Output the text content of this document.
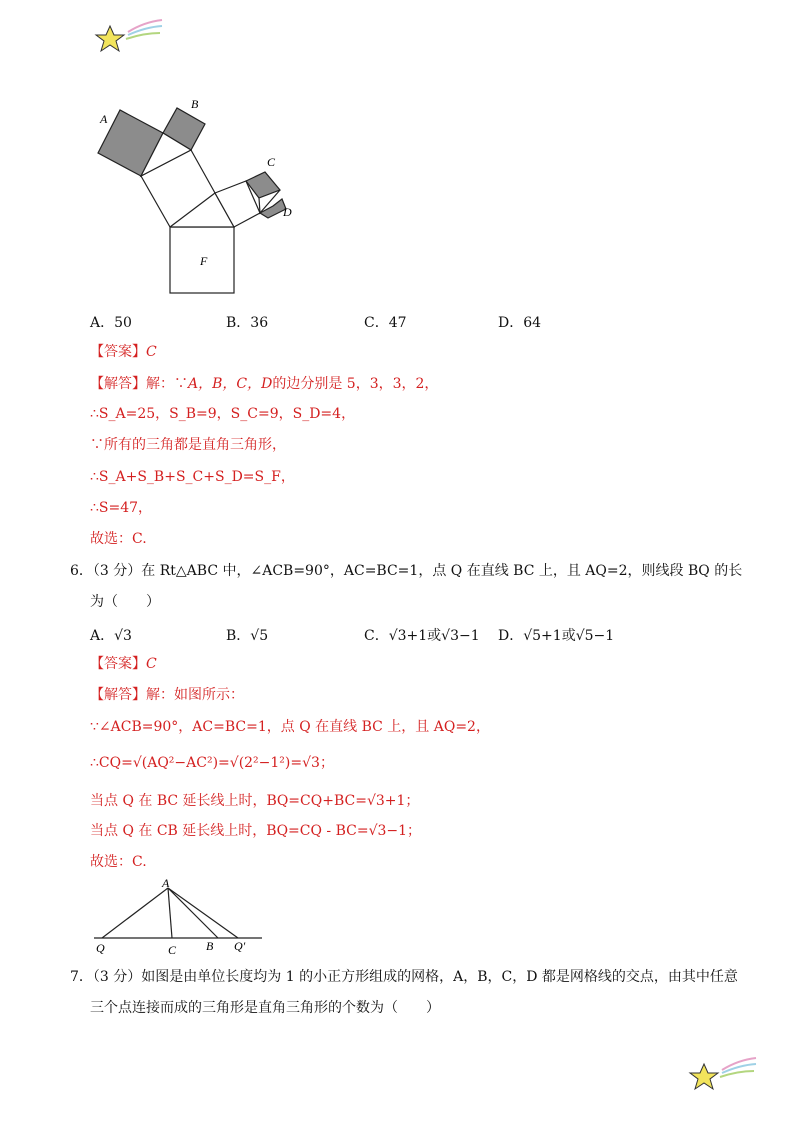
A
B
C
D
F
A．50	B．36	C．47	D．64
【答案】C
【解答】解：∵A，B，C，D的边分别是 5，3，3，2，
∴S_A=25，S_B=9，S_C=9，S_D=4，
∵所有的三角都是直角三角形，
∴S_A+S_B+S_C+S_D=S_F，
∴S=47，
故选：C.
6．（3 分）在 Rt△ABC 中，∠ACB=90°，AC=BC=1，点 Q 在直线 BC 上，且 AQ=2，则线段 BQ 的长
为（　　）
A．√3	B．√5	C．√3+1或√3−1 D．√5+1或√5−1
【答案】C
【解答】解：如图所示：
∵∠ACB=90°，AC=BC=1，点 Q 在直线 BC 上，且 AQ=2，
∴CQ=√(AQ²−AC²)=√(2²−1²)=√3；
当点 Q 在 BC 延长线上时，BQ=CQ+BC=√3+1；
当点 Q 在 CB 延长线上时，BQ=CQ - BC=√3−1；
故选：C.
A
Q	C B Q′
7．（3 分）如图是由单位长度均为 1 的小正方形组成的网格，A，B，C，D 都是网格线的交点，由其中任意
三个点连接而成的三角形是直角三角形的个数为（　　）
